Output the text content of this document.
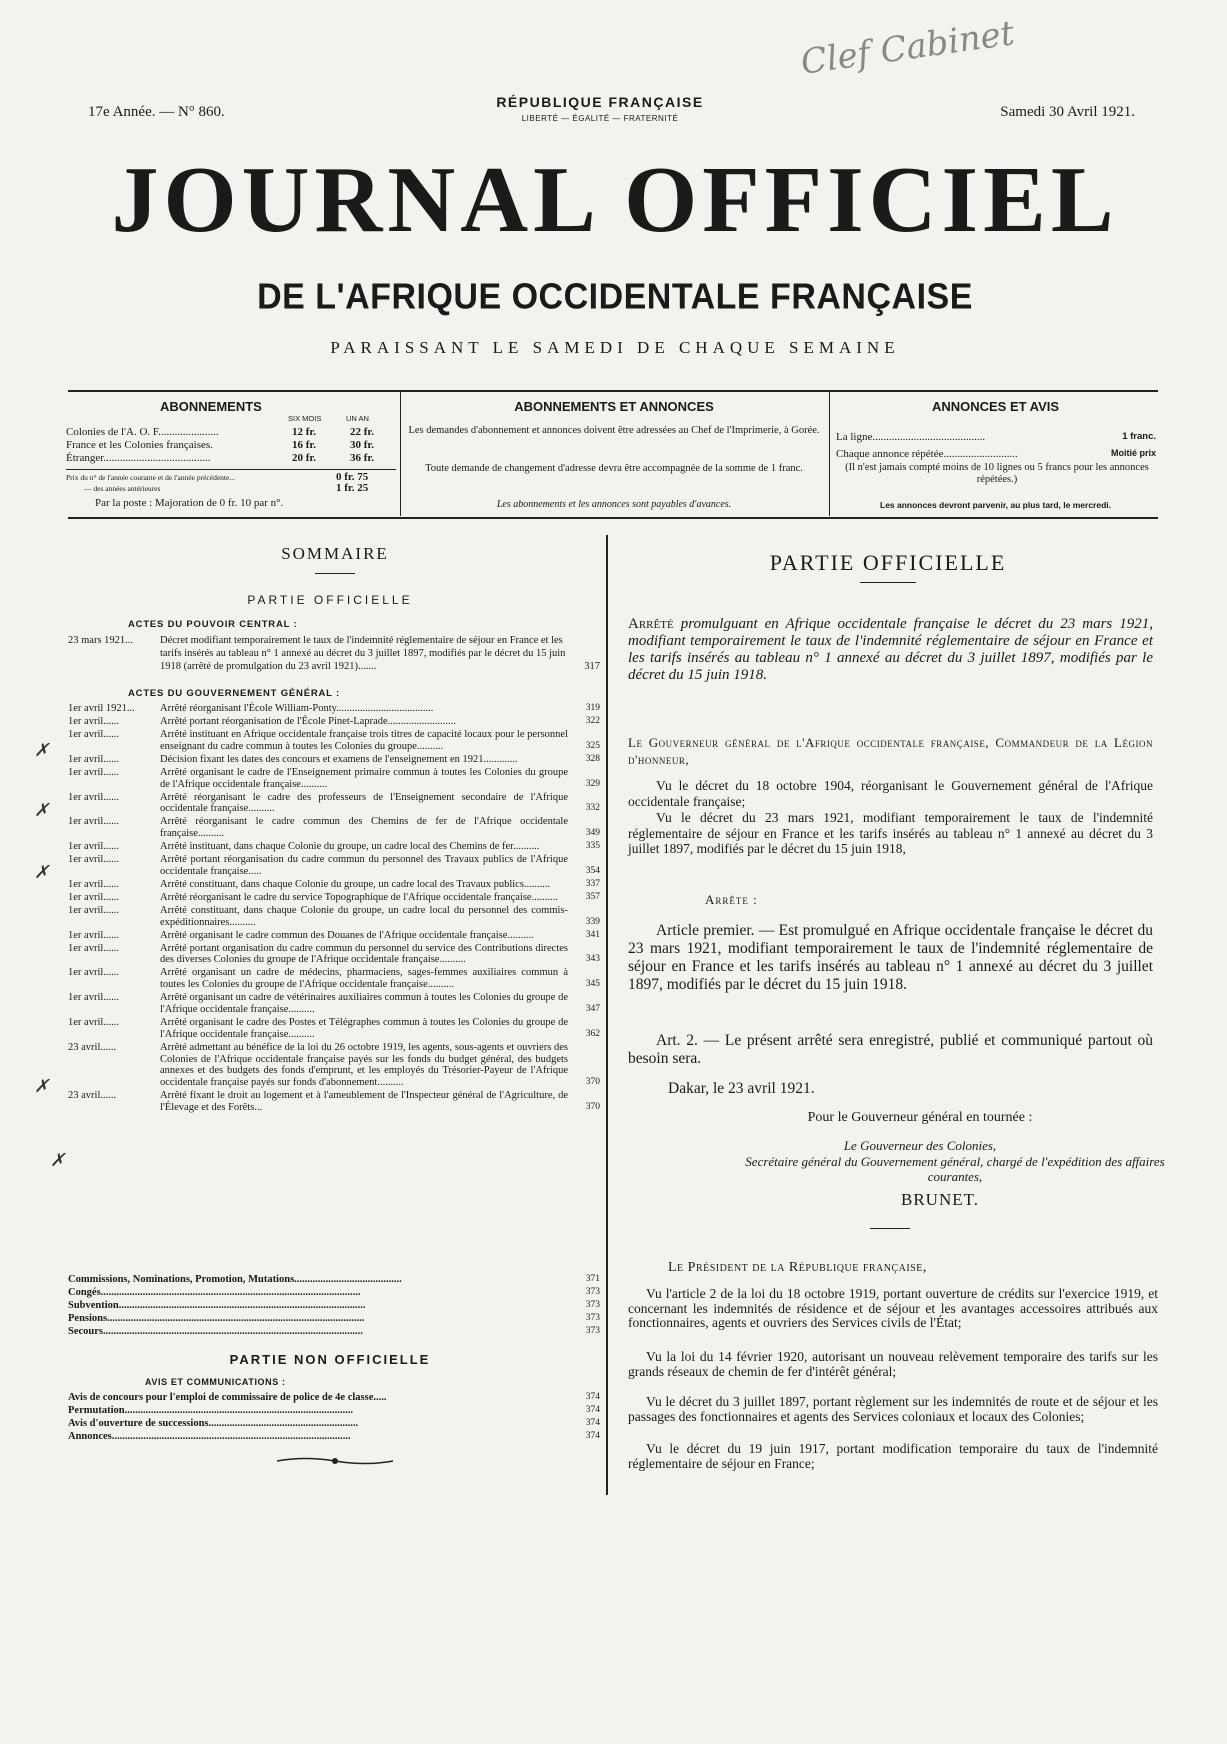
Clef Cabinet
17e Année. — N° 860.
RÉPUBLIQUE FRANÇAISE
LIBERTÉ — ÉGALITÉ — FRATERNITÉ	Samedi 30 Avril 1921.
JOURNAL OFFICIEL
DE L'AFRIQUE OCCIDENTALE FRANÇAISE
PARAISSANT LE SAMEDI DE CHAQUE SEMAINE
ABONNEMENTS
SIX MOIS	UN AN
Colonies de l'A. O. F......................	12 fr.	22 fr.
France et les Colonies françaises.	16 fr.	30 fr.
Étranger.......................................	20 fr.	36 fr.
Prix du n° de l'année courante et de l'année précédente...	0 fr. 75
— des années antérieures	1 fr. 25
Par la poste : Majoration de 0 fr. 10 par n°.
ABONNEMENTS ET ANNONCES
Les demandes d'abonnement et annonces doivent être adressées au Chef de l'Imprimerie, à Gorée.
Toute demande de changement d'adresse devra être accompagnée de la somme de 1 franc.
Les abonnements et les annonces sont payables d'avances.
ANNONCES ET AVIS
La ligne.........................................	1 franc.
Chaque annonce répétée...........................	Moitié prix
(Il n'est jamais compté moins de 10 lignes ou 5 francs pour les annonces répétées.)
Les annonces devront parvenir, au plus tard, le mercredi.
SOMMAIRE
PARTIE OFFICIELLE
ACTES DU POUVOIR CENTRAL :
23 mars 1921...	Décret modifiant temporairement le taux de l'indemnité réglementaire de séjour en France et les tarifs insérés au tableau n° 1 annexé au décret du 3 juillet 1897, modifiés par le décret du 15 juin 1918 (arrêté de promulgation du 23 avril 1921).......	317
ACTES DU GOUVERNEMENT GÉNÉRAL :
1er avril 1921... Arrêté réorganisant l'École William-Ponty.....................................	319
1er avril......	Arrêté portant réorganisation de l'École Pinet-Laprade..........................	322
1er avril......	Arrêté instituant en Afrique occidentale française trois titres de capacité locaux pour le personnel enseignant du cadre commun à toutes les Colonies du groupe..........	325
1er avril......	Décision fixant les dates des concours et examens de l'enseignement en 1921.............	328
1er avril......	Arrêté organisant le cadre de l'Enseignement primaire commun à toutes les Colonies du groupe de l'Afrique occidentale française..........	329
1er avril......	Arrêté réorganisant le cadre des professeurs de l'Enseignement secondaire de l'Afrique occidentale française..........	332
1er avril......	Arrêté réorganisant le cadre commun des Chemins de fer de l'Afrique occidentale française..........	349
1er avril......	Arrêté instituant, dans chaque Colonie du groupe, un cadre local des Chemins de fer..........	335
1er avril......	Arrêté portant réorganisation du cadre commun du personnel des Travaux publics de l'Afrique occidentale française.....	354
1er avril......	Arrêté constituant, dans chaque Colonie du groupe, un cadre local des Travaux publics..........	337
1er avril......	Arrêté réorganisant le cadre du service Topographique de l'Afrique occidentale française..........	357
1er avril......	Arrêté constituant, dans chaque Colonie du groupe, un cadre local du personnel des commis-expéditionnaires..........	339
1er avril......	Arrêté organisant le cadre commun des Douanes de l'Afrique occidentale française..........	341
1er avril......	Arrêté portant organisation du cadre commun du personnel du service des Contributions directes des diverses Colonies du groupe de l'Afrique occidentale française..........	343
1er avril......	Arrêté organisant un cadre de médecins, pharmaciens, sages-femmes auxiliaires commun à toutes les Colonies du groupe de l'Afrique occidentale française..........	345
1er avril......	Arrêté organisant un cadre de vétérinaires auxiliaires commun à toutes les Colonies du groupe de l'Afrique occidentale française..........	347
1er avril......	Arrêté organisant le cadre des Postes et Télégraphes commun à toutes les Colonies du groupe de l'Afrique occidentale française..........	362
23 avril......	Arrêté admettant au bénéfice de la loi du 26 octobre 1919, les agents, sous-agents et ouvriers des Colonies de l'Afrique occidentale française payés sur les fonds du budget général, des budgets annexes et des budgets des fonds d'emprunt, et les employés du Trésorier-Payeur de l'Afrique occidentale française payés sur fonds d'abonnement..........	370
23 avril......	Arrêté fixant le droit au logement et à l'ameublement de l'Inspecteur général de l'Agriculture, de l'Élevage et des Forêts...	370
Commissions, Nominations, Promotion, Mutations.........................................	371
Congés...................................................................................................	373
Subvention..............................................................................................	373
Pensions..................................................................................................	373
Secours...................................................................................................	373
PARTIE NON OFFICIELLE
AVIS ET COMMUNICATIONS :
Avis de concours pour l'emploi de commissaire de police de 4e classe.....	374
Permutation.......................................................................................	374
Avis d'ouverture de successions.........................................................	374
Annonces...........................................................................................	374
PARTIE OFFICIELLE
Arrêté promulguant en Afrique occidentale française le décret du 23 mars 1921, modifiant temporairement le taux de l'indemnité réglementaire de séjour en France et les tarifs insérés au tableau n° 1 annexé au décret du 3 juillet 1897, modifiés par le décret du 15 juin 1918.
Le Gouverneur général de l'Afrique occidentale française, Commandeur de la Légion d'honneur,
Vu le décret du 18 octobre 1904, réorganisant le Gouvernement général de l'Afrique occidentale française;
Vu le décret du 23 mars 1921, modifiant temporairement le taux de l'indemnité réglementaire de séjour en France et les tarifs insérés au tableau n° 1 annexé au décret du 3 juillet 1897, modifiés par le décret du 15 juin 1918,
Arrête :
Article premier. — Est promulgué en Afrique occidentale française le décret du 23 mars 1921, modifiant temporairement le taux de l'indemnité réglementaire de séjour en France et les tarifs insérés au tableau n° 1 annexé au décret du 3 juillet 1897, modifiés par le décret du 15 juin 1918.
Art. 2. — Le présent arrêté sera enregistré, publié et communiqué partout où besoin sera.
Dakar, le 23 avril 1921.
Pour le Gouverneur général en tournée :
Le Gouverneur des Colonies,
Secrétaire général du Gouvernement général, chargé de l'expédition des affaires courantes,
BRUNET.
Le Président de la République française,
Vu l'article 2 de la loi du 18 octobre 1919, portant ouverture de crédits sur l'exercice 1919, et concernant les indemnités de résidence et de séjour et les avantages accessoires attribués aux fonctionnaires, agents et ouvriers des Services civils de l'État;
Vu la loi du 14 février 1920, autorisant un nouveau relèvement temporaire des tarifs sur les grands réseaux de chemin de fer d'intérêt général;
Vu le décret du 3 juillet 1897, portant règlement sur les indemnités de route et de séjour et les passages des fonctionnaires et agents des Services coloniaux et locaux des Colonies;
Vu le décret du 19 juin 1917, portant modification temporaire du taux de l'indemnité réglementaire de séjour en France;
✗
✗
✗
✗
✗
